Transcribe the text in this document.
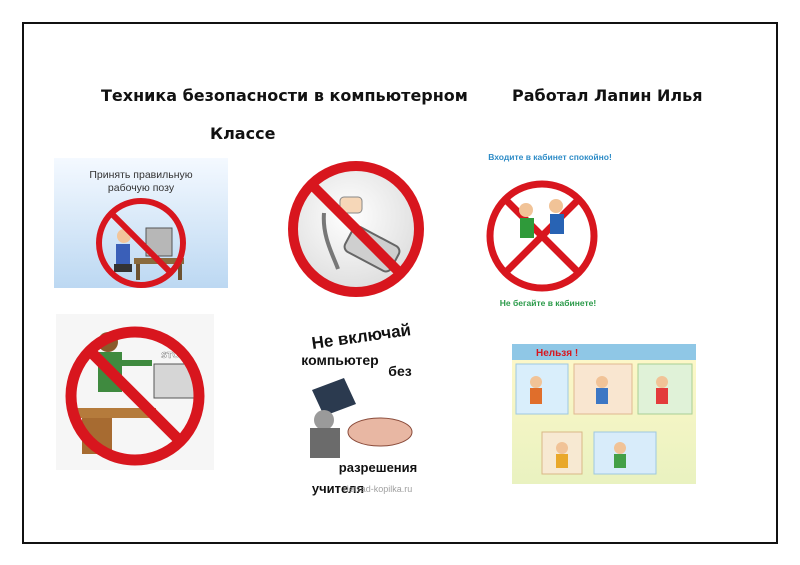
Техника безопасности в компьютерном	Работал Лапин Илья
Классе
Принять правильную
рабочую позу
Входите в кабинет спокойно!
Не бегайте в кабинете!
STOP!
Не включай
компьютер
без
разрешения
учителя
detsad-kopilka.ru
Нельзя !
